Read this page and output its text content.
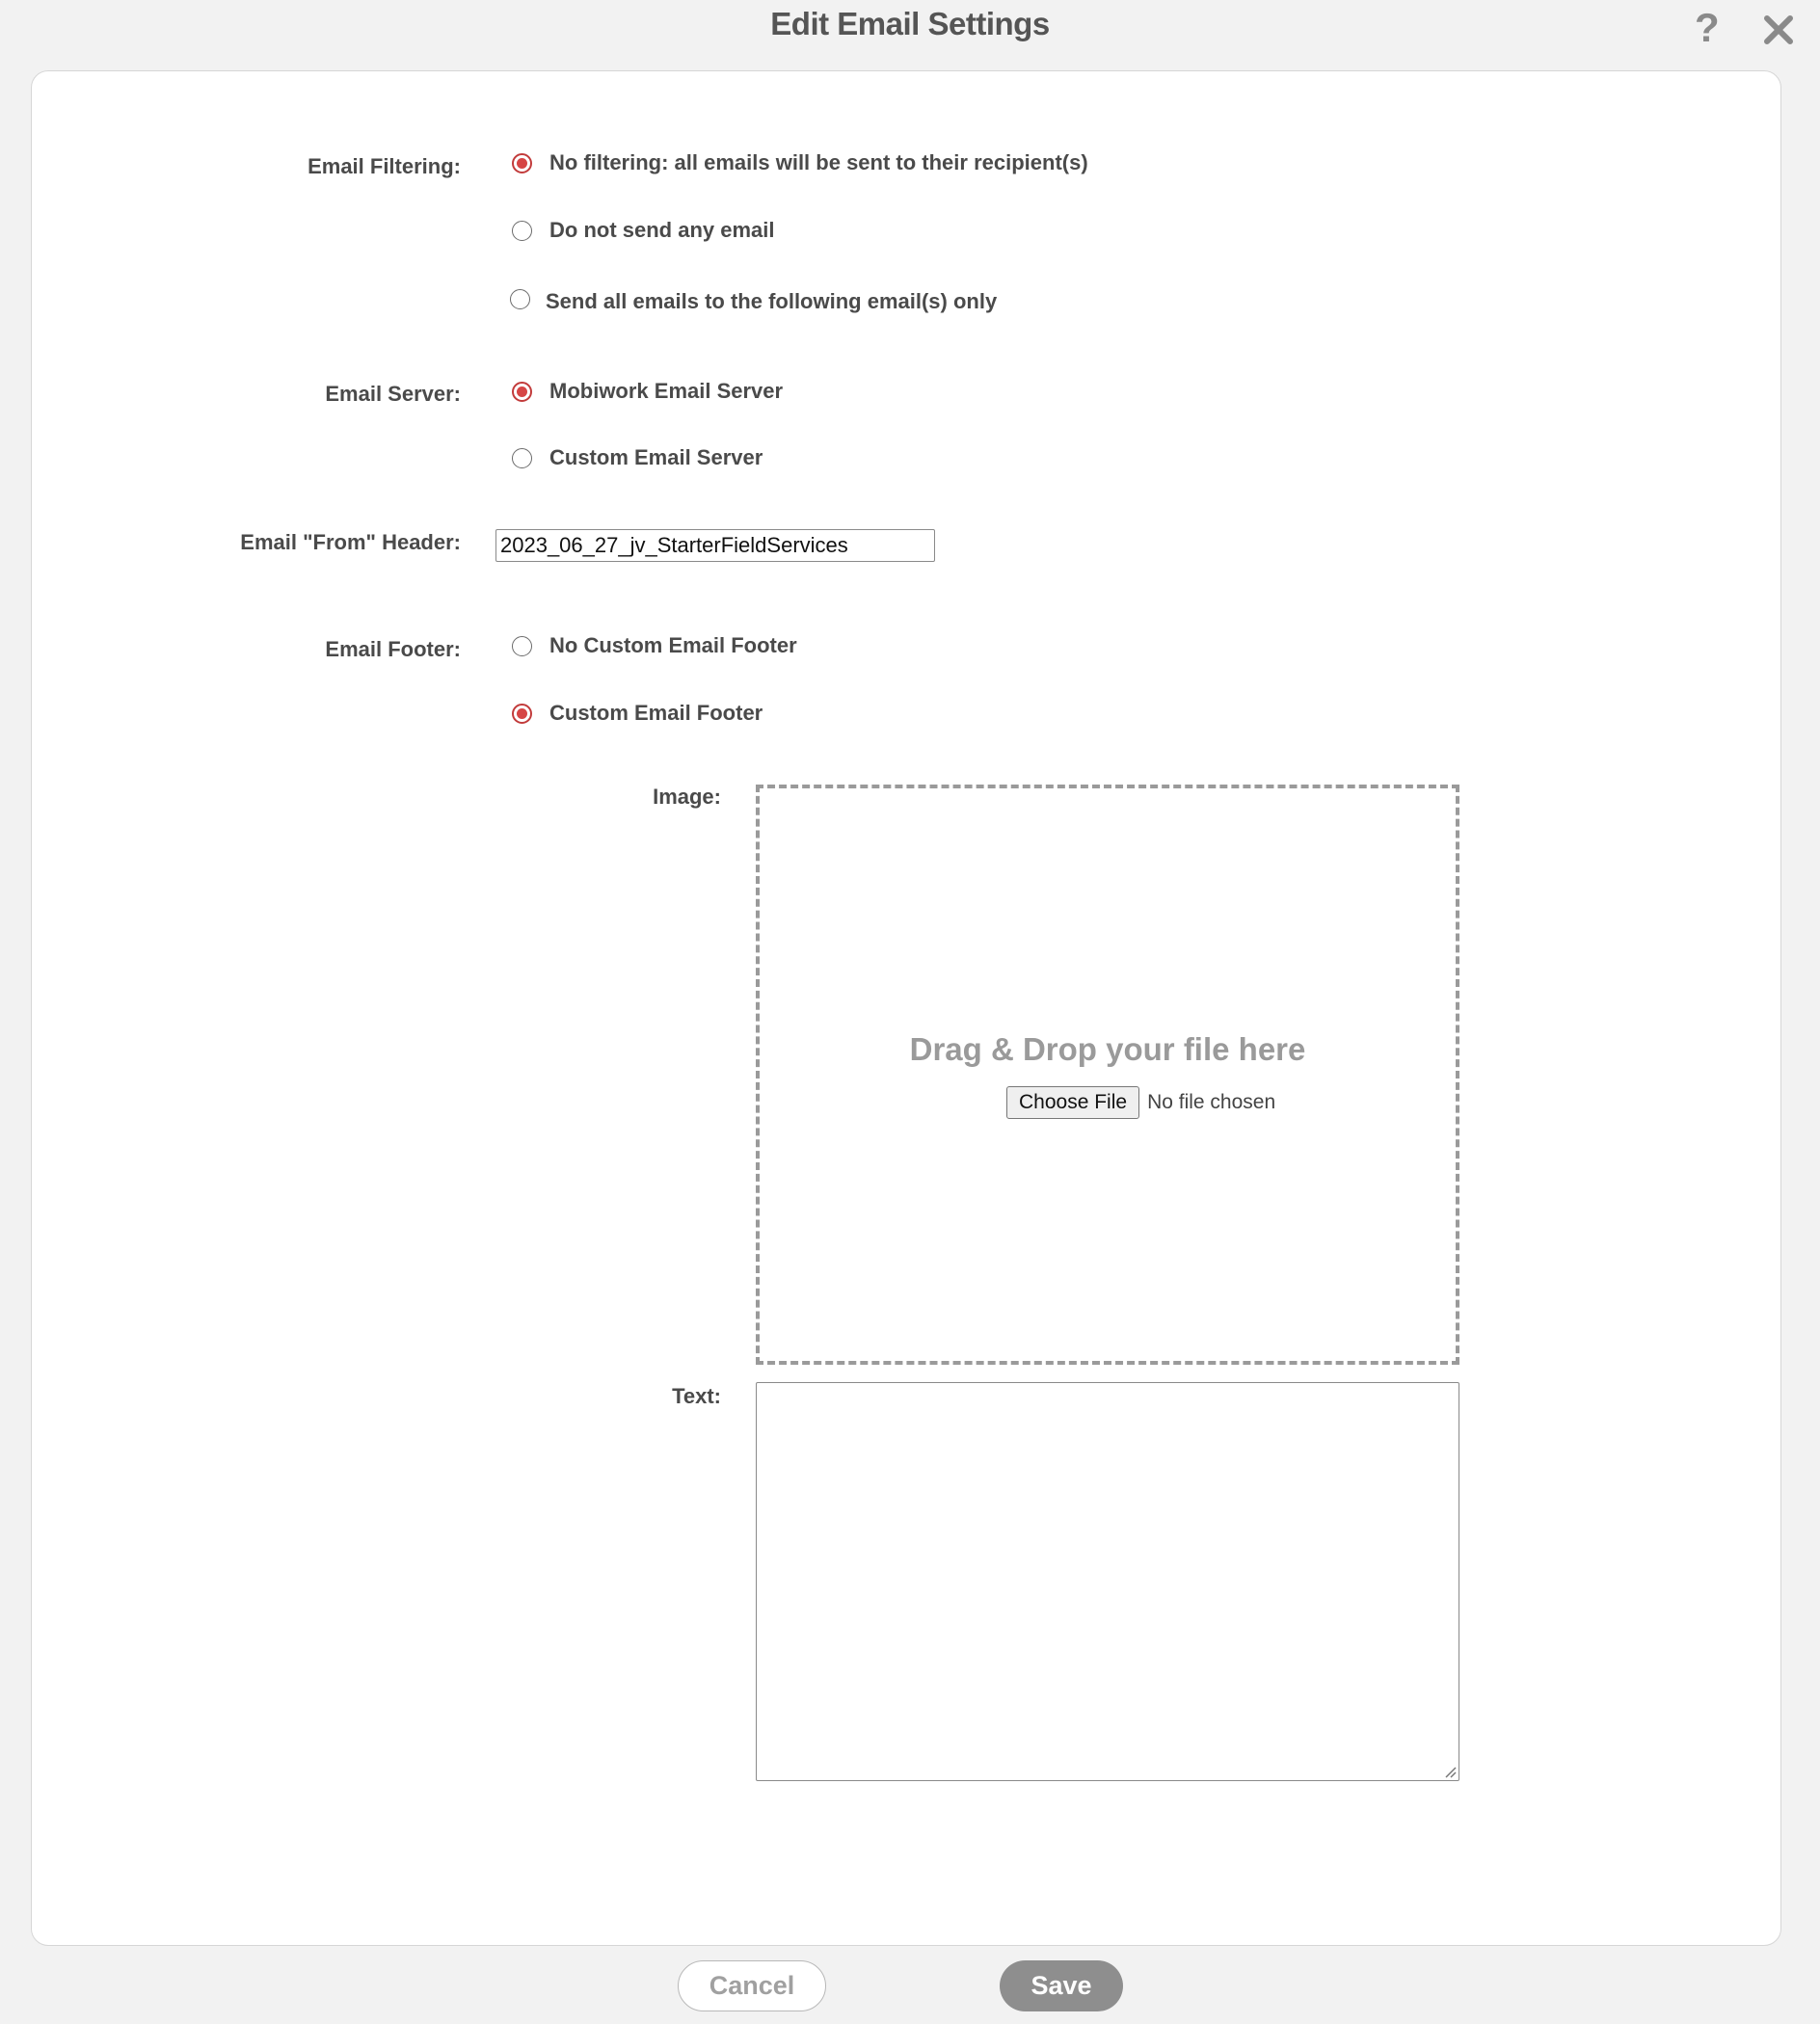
Edit Email Settings	?
Email Filtering:	No filtering: all emails will be sent to their recipient(s)
Do not send any email
Send all emails to the following email(s) only
Email Server:	Mobiwork Email Server
Custom Email Server
Email "From" Header:
2023_06_27_jv_StarterFieldServices
Email Footer:	No Custom Email Footer
Custom Email Footer
Image:
Drag & Drop your file here
Choose File	No file chosen
Text:
Cancel	Save
